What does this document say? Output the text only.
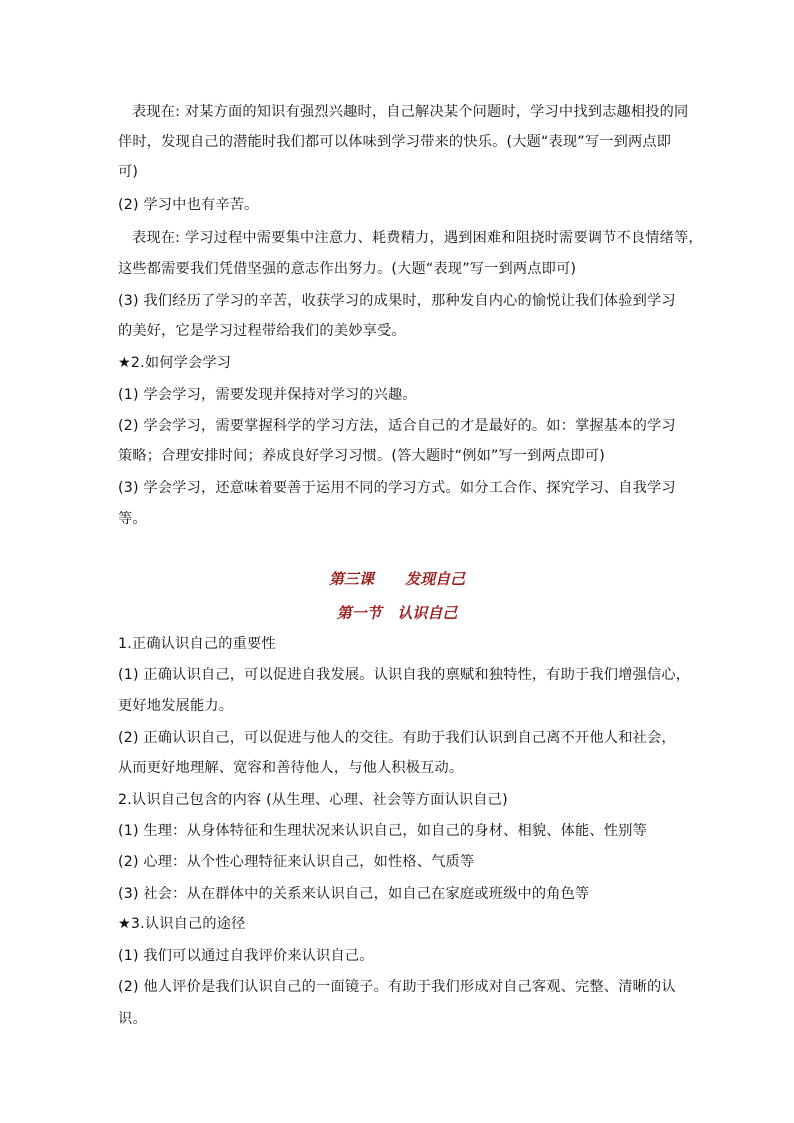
表现在: 对某方面的知识有强烈兴趣时，自己解决某个问题时，学习中找到志趣相投的同
伴时，发现自己的潜能时我们都可以体味到学习带来的快乐。(大题“表现”写一到两点即
可)
(2) 学习中也有辛苦。
表现在: 学习过程中需要集中注意力、耗费精力，遇到困难和阻挠时需要调节不良情绪等，
这些都需要我们凭借坚强的意志作出努力。(大题“表现”写一到两点即可)
(3) 我们经历了学习的辛苦，收获学习的成果时，那种发自内心的愉悦让我们体验到学习
的美好，它是学习过程带给我们的美妙享受。
★2.如何学会学习
(1) 学会学习，需要发现并保持对学习的兴趣。
(2) 学会学习，需要掌握科学的学习方法，适合自己的才是最好的。如：掌握基本的学习
策略；合理安排时间；养成良好学习习惯。(答大题时“例如”写一到两点即可)
(3) 学会学习，还意味着要善于运用不同的学习方式。如分工合作、探究学习、自我学习
等。
第三课      发现自己
第一节   认识自己
1.正确认识自己的重要性
(1) 正确认识自己，可以促进自我发展。认识自我的禀赋和独特性，有助于我们增强信心，
更好地发展能力。
(2) 正确认识自己，可以促进与他人的交往。有助于我们认识到自己离不开他人和社会，
从而更好地理解、宽容和善待他人，与他人积极互动。
2.认识自己包含的内容 (从生理、心理、社会等方面认识自己)
(1) 生理：从身体特征和生理状况来认识自己，如自己的身材、相貌、体能、性别等
(2) 心理：从个性心理特征来认识自己，如性格、气质等
(3) 社会：从在群体中的关系来认识自己，如自己在家庭或班级中的角色等
★3.认识自己的途径
(1) 我们可以通过自我评价来认识自己。
(2) 他人评价是我们认识自己的一面镜子。有助于我们形成对自己客观、完整、清晰的认
识。
